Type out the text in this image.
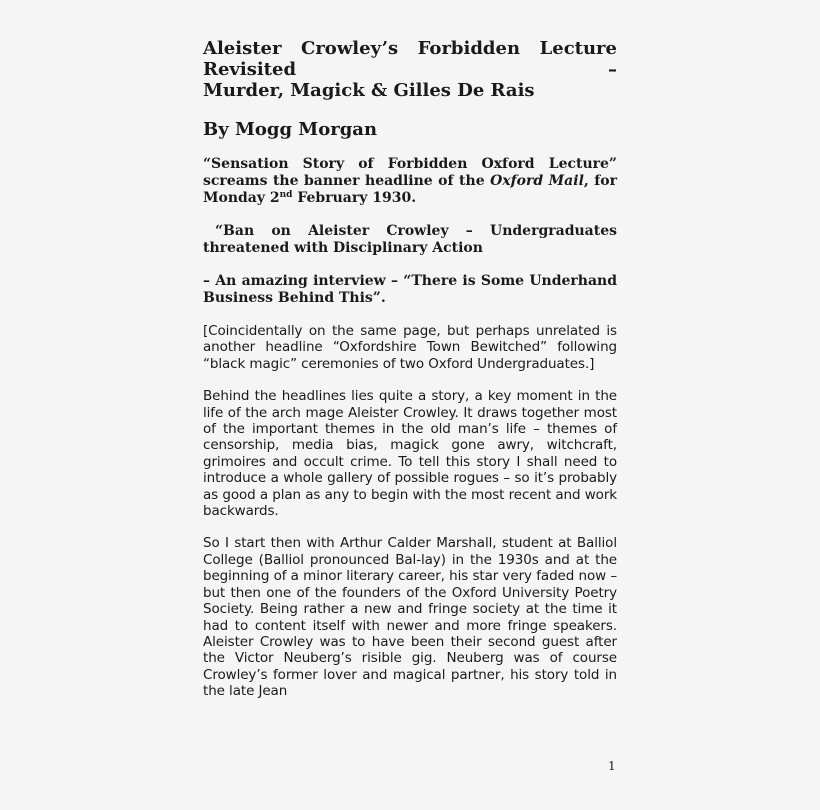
Aleister Crowley’s Forbidden Lecture
Revisited –
Murder, Magick & Gilles De Rais

By Mogg Morgan

“Sensation Story of Forbidden Oxford Lecture” screams the banner headline of the Oxford Mail, for Monday 2nd February 1930.

“Ban on Aleister Crowley – Undergraduates threatened with Disciplinary Action

– An amazing interview – “There is Some Underhand Business Behind This”.

[Coincidentally on the same page, but perhaps unrelated is another headline “Oxfordshire Town Bewitched” following “black magic” ceremonies of two Oxford Undergraduates.]

Behind the headlines lies quite a story, a key moment in the life of the arch mage Aleister Crowley. It draws together most of the important themes in the old man’s life – themes of censorship, media bias, magick gone awry, witchcraft, grimoires and occult crime. To tell this story I shall need to introduce a whole gallery of possible rogues – so it’s probably as good a plan as any to begin with the most recent and work backwards.

So I start then with Arthur Calder Marshall, student at Balliol College (Balliol pronounced Bal-lay) in the 1930s and at the beginning of a minor literary career, his star very faded now – but then one of the founders of the Oxford University Poetry Society. Being rather a new and fringe society at the time it had to content itself with newer and more fringe speakers. Aleister Crowley was to have been their second guest after the Victor Neuberg’s risible gig. Neuberg was of course Crowley’s former lover and magical partner, his story told in the late Jean

1
